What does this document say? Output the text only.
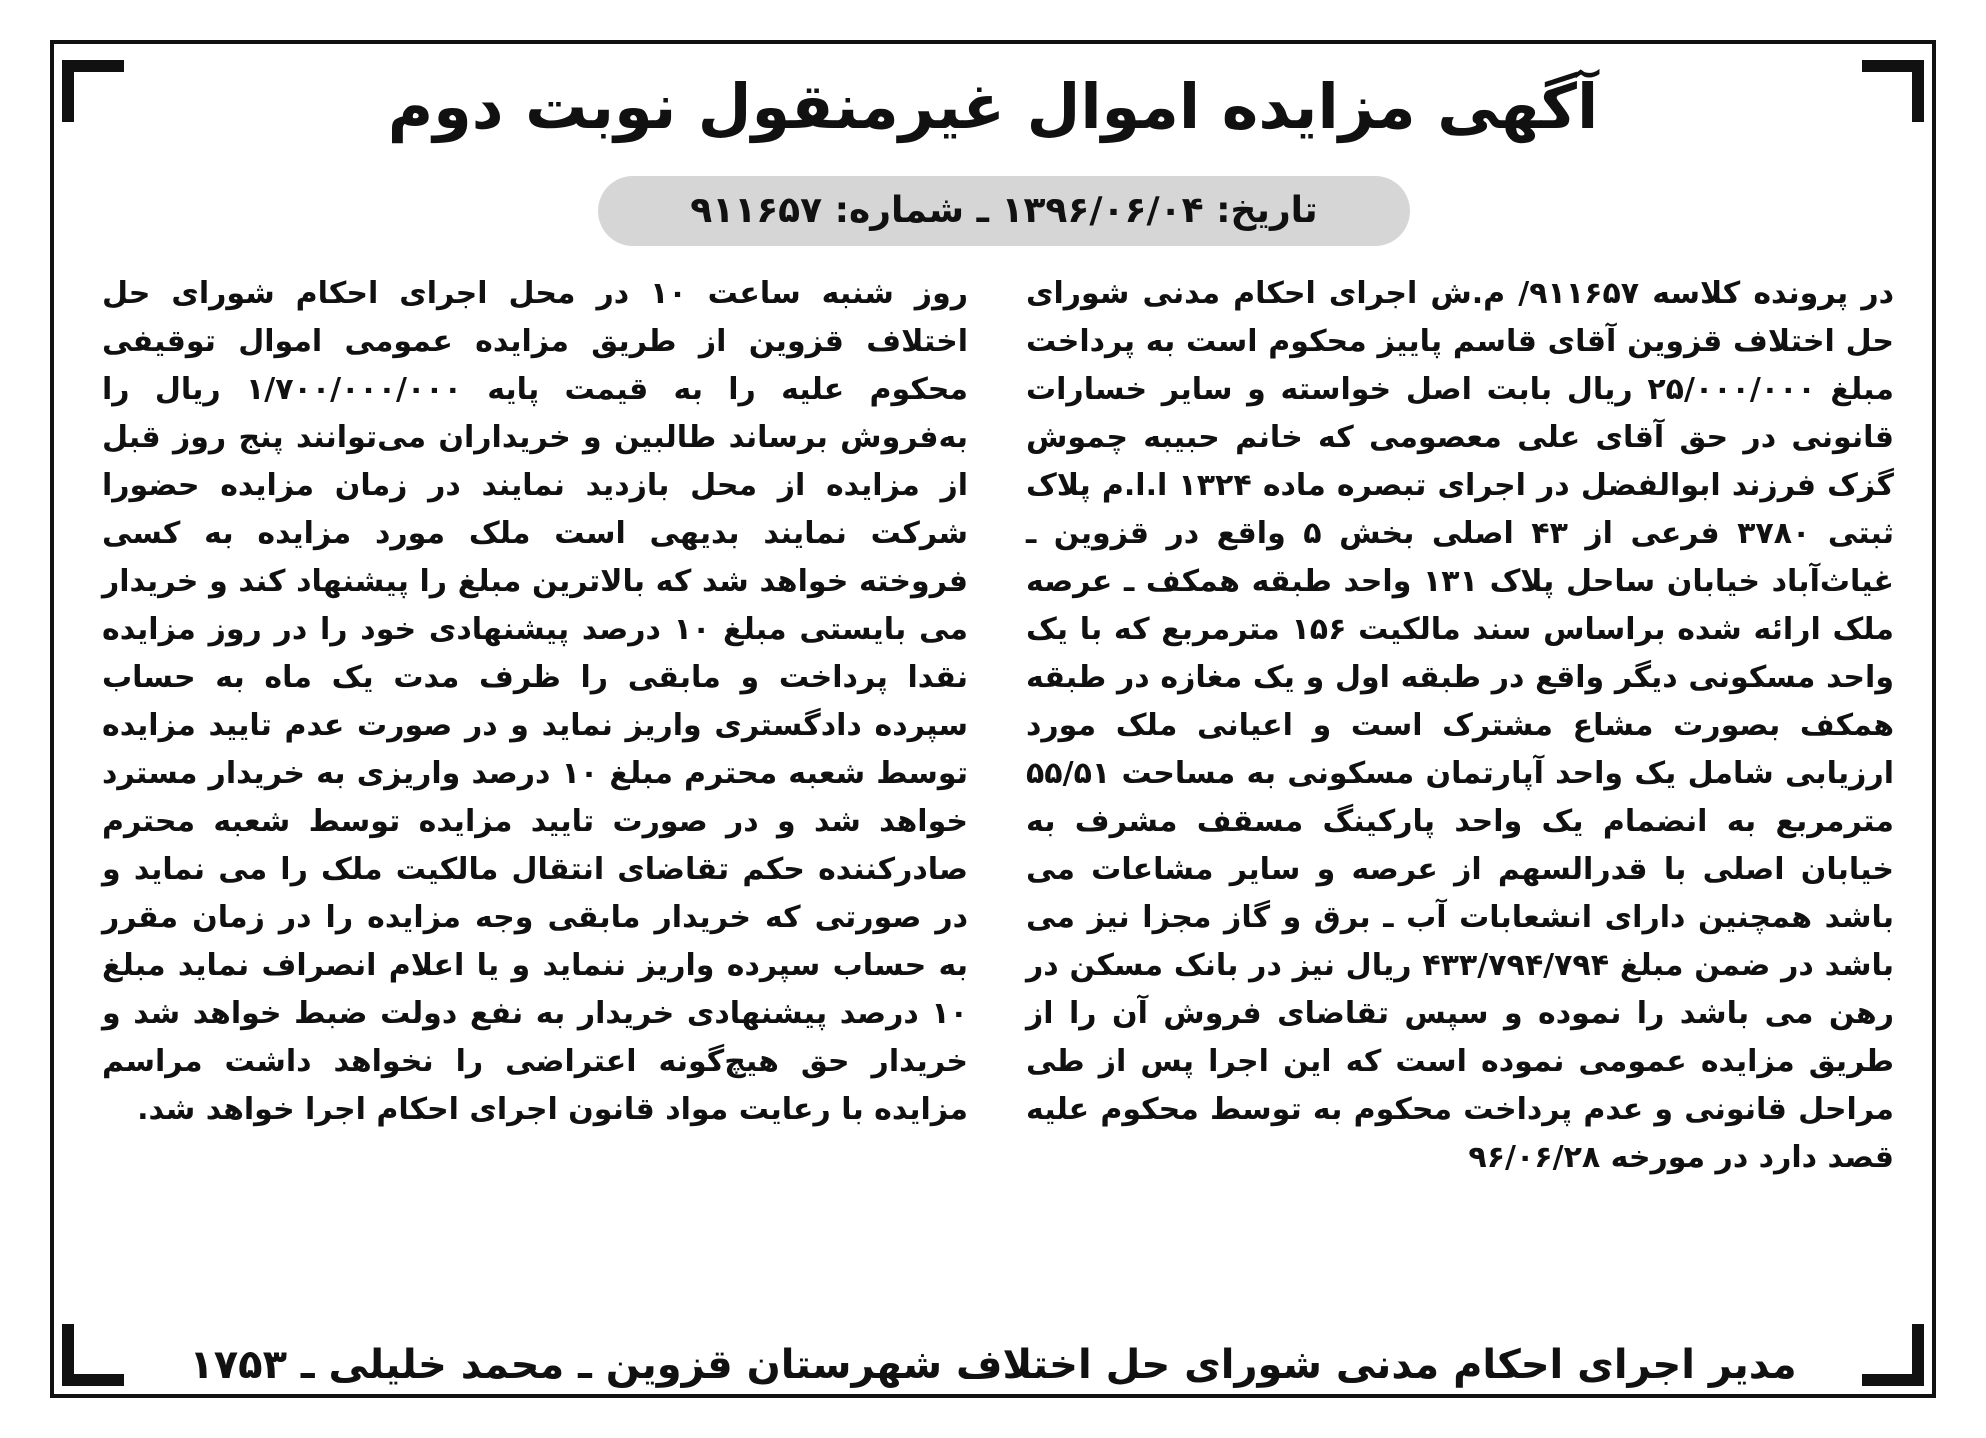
آگهی مزایده اموال غیرمنقول نوبت دوم
تاریخ: ۱۳۹۶/۰۶/۰۴ ـ شماره: ۹۱۱۶۵۷
در پرونده کلاسه ۹۱۱۶۵۷/ م.ش اجرای احکام مدنی شورای حل اختلاف قزوین آقای قاسم پاییز محکوم است به پرداخت مبلغ ۲۵/۰۰۰/۰۰۰ ریال بابت اصل خواسته و سایر خسارات قانونی در حق آقای علی معصومی که خانم حبیبه چموش گزک فرزند ابوالفضل در اجرای تبصره ماده ۱۳۲۴ ا.ا.م پلاک ثبتی ۳۷۸۰ فرعی از ۴۳ اصلی بخش ۵ واقع در قزوین ـ غیاث‌آباد خیابان ساحل پلاک ۱۳۱ واحد طبقه همکف ـ عرصه ملک ارائه شده براساس سند مالکیت ۱۵۶ مترمربع که با یک واحد مسکونی دیگر واقع در طبقه اول و یک مغازه در طبقه همکف بصورت مشاع مشترک است و اعیانی ملک مورد ارزیابی شامل یک واحد آپارتمان مسکونی به مساحت ۵۵/۵۱ مترمربع به انضمام یک واحد پارکینگ مسقف مشرف به خیابان اصلی با قدرالسهم از عرصه و سایر مشاعات می باشد همچنین دارای انشعابات آب ـ برق و گاز مجزا نیز می باشد در ضمن مبلغ ۴۳۳/۷۹۴/۷۹۴ ریال نیز در بانک مسکن در رهن می باشد را نموده و سپس تقاضای فروش آن را از طریق مزایده عمومی نموده است که این اجرا پس از طی مراحل قانونی و عدم پرداخت محکوم به توسط محکوم علیه قصد دارد در مورخه ۹۶/۰۶/۲۸
روز شنبه ساعت ۱۰ در محل اجرای احکام شورای حل اختلاف قزوین از طریق مزایده عمومی اموال توقیفی محکوم علیه را به قیمت پایه ۱/۷۰۰/۰۰۰/۰۰۰ ریال را به‌فروش برساند طالبین و خریداران می‌توانند پنج روز قبل از مزایده از محل بازدید نمایند در زمان مزایده حضورا شرکت نمایند بدیهی است ملک مورد مزایده به کسی فروخته خواهد شد که بالاترین مبلغ را پیشنهاد کند و خریدار می بایستی مبلغ ۱۰ درصد پیشنهادی خود را در روز مزایده نقدا پرداخت و مابقی را ظرف مدت یک ماه به حساب سپرده دادگستری واریز نماید و در صورت عدم تایید مزایده توسط شعبه محترم مبلغ ۱۰ درصد واریزی به خریدار مسترد خواهد شد و در صورت تایید مزایده توسط شعبه محترم صادرکننده حکم تقاضای انتقال مالکیت ملک را می نماید و در صورتی که خریدار مابقی وجه مزایده را در زمان مقرر به حساب سپرده واریز ننماید و یا اعلام انصراف نماید مبلغ ۱۰ درصد پیشنهادی خریدار به نفع دولت ضبط خواهد شد و خریدار حق هیچ‌گونه اعتراضی را نخواهد داشت مراسم مزایده با رعایت مواد قانون اجرای احکام اجرا خواهد شد.
مدیر اجرای احکام مدنی شورای حل اختلاف شهرستان قزوین ـ محمد خلیلی ـ ۱۷۵۳
